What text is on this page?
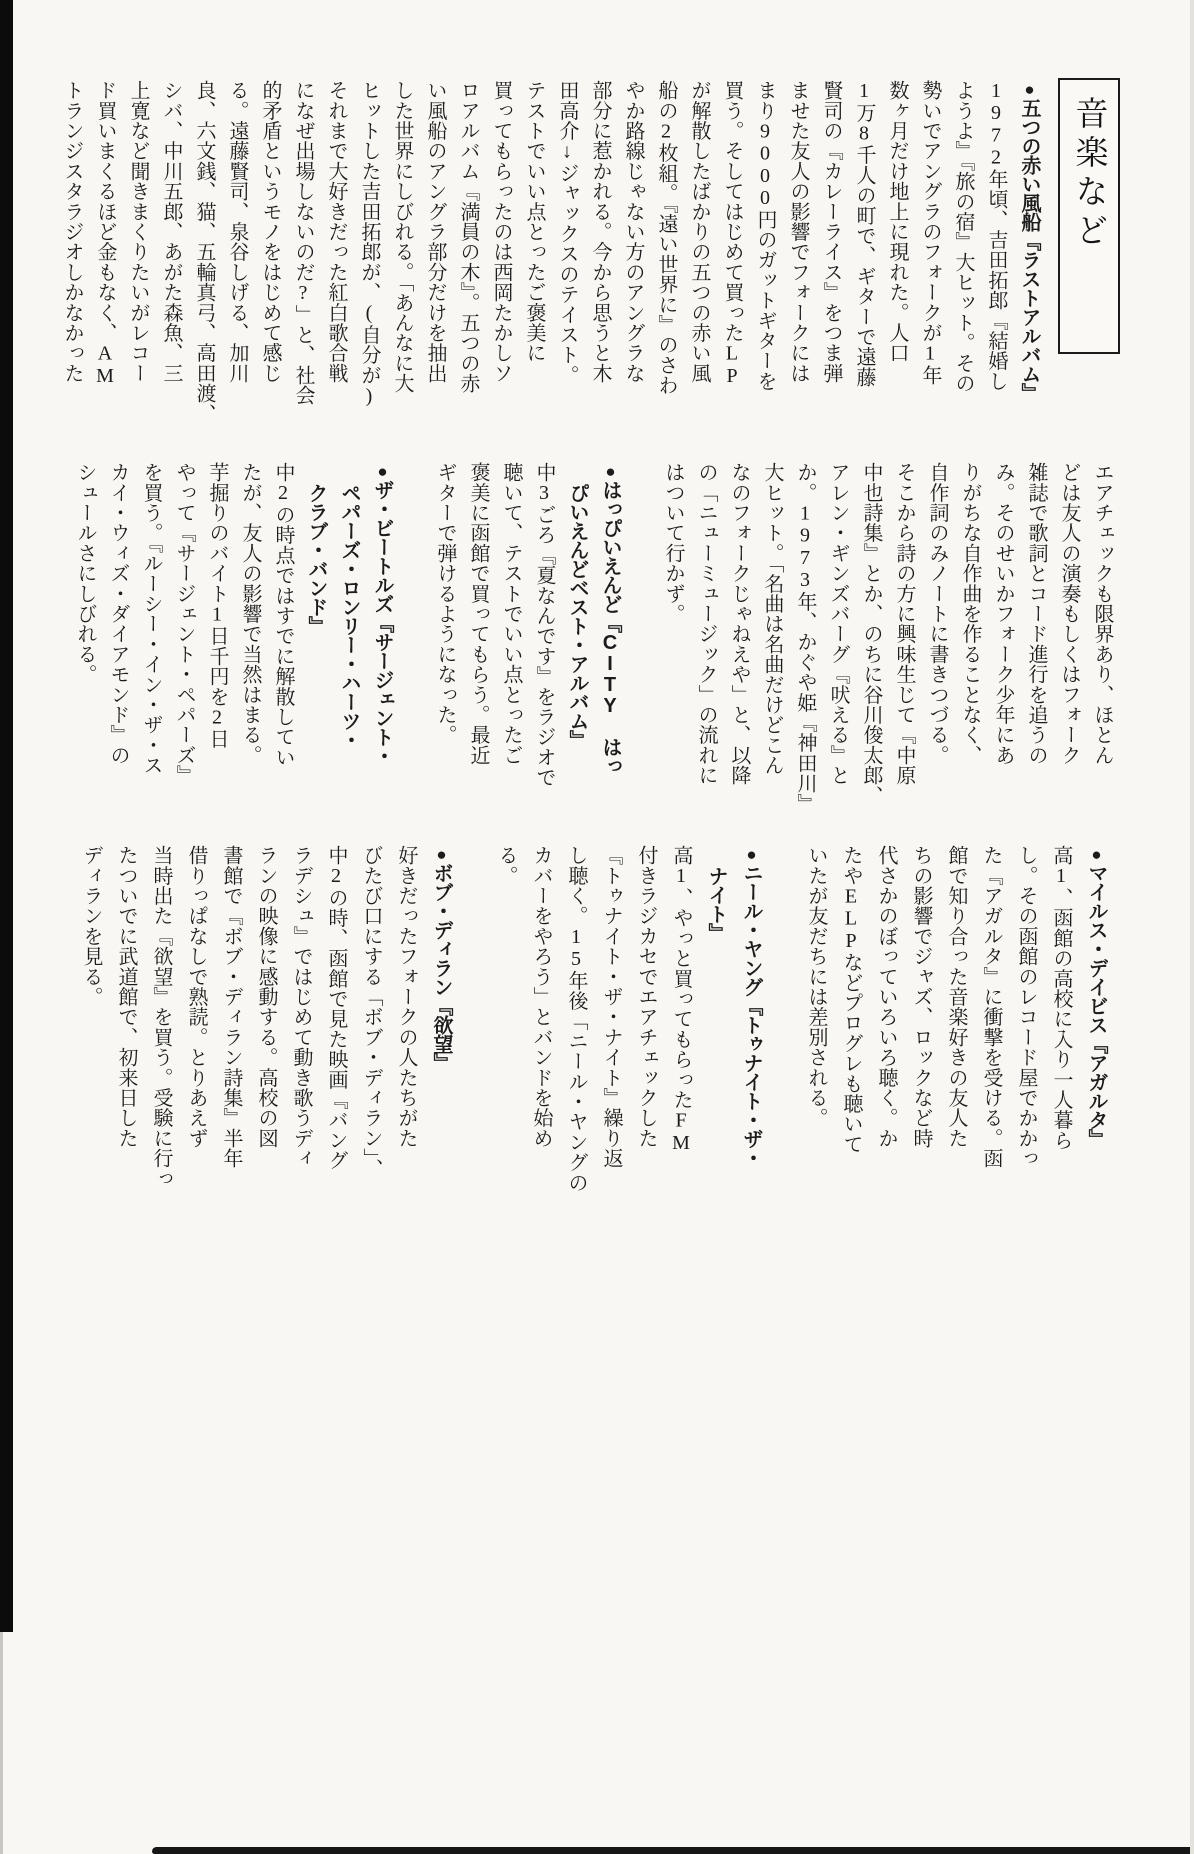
音楽など
●五つの赤い風船『ラストアルバム』
1972年頃、吉田拓郎『結婚し
ようよ』『旅の宿』大ヒット。その
勢いでアングラのフォークが1年
数ヶ月だけ地上に現れた。人口
1万8千人の町で、ギターで遠藤
賢司の『カレーライス』をつま弾
ませた友人の影響でフォークには
まり9000円のガットギターを
買う。そしてはじめて買ったLP
が解散したばかりの五つの赤い風
船の2枚組。『遠い世界に』のさわ
やか路線じゃない方のアングラな
部分に惹かれる。今から思うと木
田高介↓ジャックスのテイスト。
テストでいい点とったご褒美に
買ってもらったのは西岡たかしソ
ロアルバム『満員の木』。五つの赤
い風船のアングラ部分だけを抽出
した世界にしびれる。「あんなに大
ヒットした吉田拓郎が、(自分が)
それまで大好きだった紅白歌合戦
になぜ出場しないのだ?」と、社会
的矛盾というモノをはじめて感じ
る。遠藤賢司、泉谷しげる、加川
良、六文銭、猫、五輪真弓、高田渡、
シバ、中川五郎、あがた森魚、三
上寛など聞きまくりたいがレコー
ド買いまくるほど金もなく、AM
トランジスタラジオしかなかった
エアチェックも限界あり、ほとん
どは友人の演奏もしくはフォーク
雑誌で歌詞とコード進行を追うの
み。そのせいかフォーク少年にあ
りがちな自作曲を作ることなく、
自作詞のみノートに書きつづる。
そこから詩の方に興味生じて『中原
中也詩集』とか、のちに谷川俊太郎、
アレン・ギンズバーグ『吠える』と
か。1973年、かぐや姫『神田川』
大ヒット。「名曲は名曲だけどこん
なのフォークじゃねえや」と、以降
の「ニューミュージック」の流れに
はついて行かず。
●はっぴいえんど『CITY はっ
ぴいえんどベスト・アルバム』
中3ごろ『夏なんです』をラジオで
聴いて、テストでいい点とったご
褒美に函館で買ってもらう。最近
ギターで弾けるようになった。
●ザ・ビートルズ『サージェント・
ペパーズ・ロンリー・ハーツ・
クラブ・バンド』
中2の時点ではすでに解散してい
たが、友人の影響で当然はまる。
芋掘りのバイト1日千円を2日
やって『サージェント・ペパーズ』
を買う。『ルーシー・イン・ザ・ス
カイ・ウィズ・ダイアモンド』の
シュールさにしびれる。
●マイルス・デイビス『アガルタ』
高1、函館の高校に入り一人暮ら
し。その函館のレコード屋でかかっ
た『アガルタ』に衝撃を受ける。函
館で知り合った音楽好きの友人た
ちの影響でジャズ、ロックなど時
代さかのぼっていろいろ聴く。か
たやELPなどプログレも聴いて
いたが友だちには差別される。
●ニール・ヤング『トゥナイト・ザ・
ナイト』
高1、やっと買ってもらったFM
付きラジカセでエアチェックした
『トゥナイト・ザ・ナイト』繰り返
し聴く。15年後「ニール・ヤングの
カバーをやろう」とバンドを始め
る。
●ボブ・ディラン『欲望』
好きだったフォークの人たちがた
びたび口にする「ボブ・ディラン」、
中2の時、函館で見た映画『バング
ラデシュ』ではじめて動き歌うディ
ランの映像に感動する。高校の図
書館で『ボブ・ディラン詩集』半年
借りっぱなしで熟読。とりあえず
当時出た『欲望』を買う。受験に行っ
たついでに武道館で、初来日した
ディランを見る。
